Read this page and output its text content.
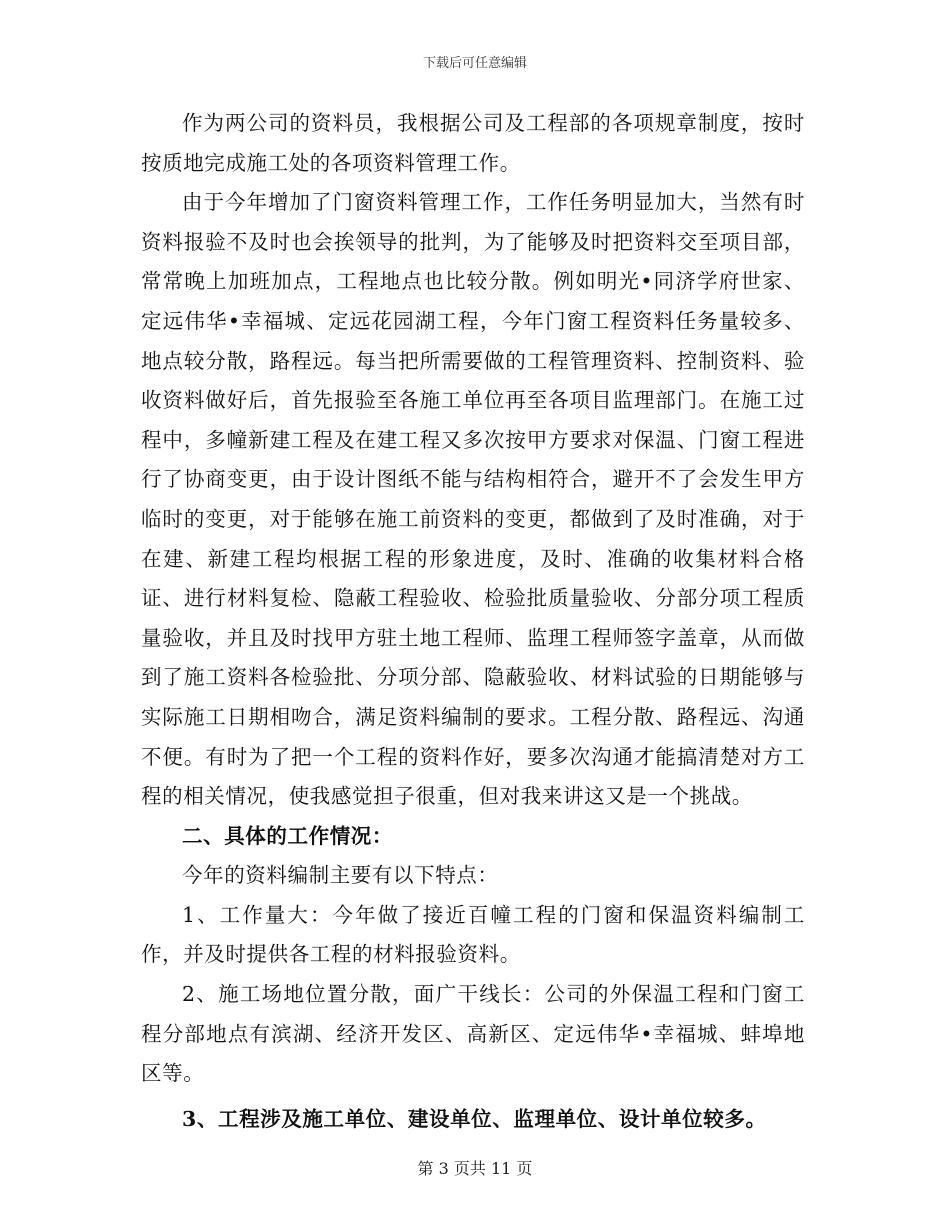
下载后可任意编辑

作为两公司的资料员，我根据公司及工程部的各项规章制度，按时按质地完成施工处的各项资料管理工作。

由于今年增加了门窗资料管理工作，工作任务明显加大，当然有时资料报验不及时也会挨领导的批判，为了能够及时把资料交至项目部，常常晚上加班加点，工程地点也比较分散。例如明光•同济学府世家、定远伟华•幸福城、定远花园湖工程，今年门窗工程资料任务量较多、地点较分散，路程远。每当把所需要做的工程管理资料、控制资料、验收资料做好后，首先报验至各施工单位再至各项目监理部门。在施工过程中，多幢新建工程及在建工程又多次按甲方要求对保温、门窗工程进行了协商变更，由于设计图纸不能与结构相符合，避开不了会发生甲方临时的变更，对于能够在施工前资料的变更，都做到了及时准确，对于在建、新建工程均根据工程的形象进度，及时、准确的收集材料合格证、进行材料复检、隐蔽工程验收、检验批质量验收、分部分项工程质量验收，并且及时找甲方驻土地工程师、监理工程师签字盖章，从而做到了施工资料各检验批、分项分部、隐蔽验收、材料试验的日期能够与实际施工日期相吻合，满足资料编制的要求。工程分散、路程远、沟通不便。有时为了把一个工程的资料作好，要多次沟通才能搞清楚对方工程的相关情况，使我感觉担子很重，但对我来讲这又是一个挑战。

二、具体的工作情况：

今年的资料编制主要有以下特点：

1、工作量大：今年做了接近百幢工程的门窗和保温资料编制工作，并及时提供各工程的材料报验资料。

2、施工场地位置分散，面广干线长：公司的外保温工程和门窗工程分部地点有滨湖、经济开发区、高新区、定远伟华•幸福城、蚌埠地区等。

3、工程涉及施工单位、建设单位、监理单位、设计单位较多。

第 3 页共 11 页
